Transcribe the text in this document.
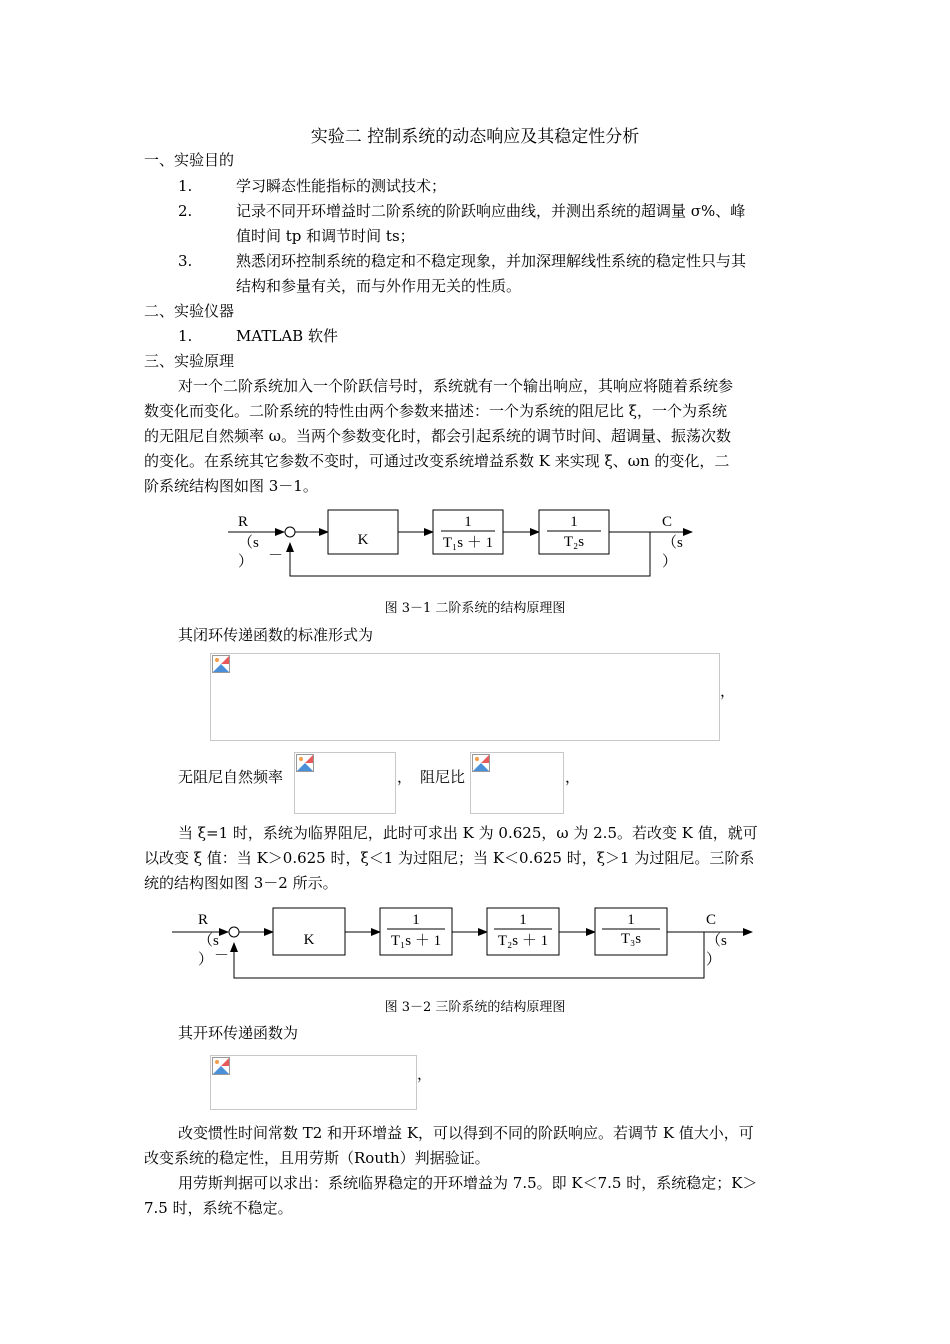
实验二 控制系统的动态响应及其稳定性分析
一、实验目的
1.	学习瞬态性能指标的测试技术；
2.	记录不同开环增益时二阶系统的阶跃响应曲线，并测出系统的超调量 σ%、峰
值时间 tp 和调节时间 ts；
3.	熟悉闭环控制系统的稳定和不稳定现象，并加深理解线性系统的稳定性只与其
结构和参量有关，而与外作用无关的性质。
二、实验仪器
1.	MATLAB 软件
三、实验原理
对一个二阶系统加入一个阶跃信号时，系统就有一个输出响应，其响应将随着系统参
数变化而变化。二阶系统的特性由两个参数来描述：一个为系统的阻尼比 ξ，一个为系统
的无阻尼自然频率 ω。当两个参数变化时，都会引起系统的调节时间、超调量、振荡次数
的变化。在系统其它参数不变时，可通过改变系统增益系数 K 来实现 ξ、ωn 的变化，二
阶系统结构图如图 3－1。
R
（s
） －
K
1
T₁s ＋ 1
1
T₂s
C
（s
）
图 3－1 二阶系统的结构原理图
其闭环传递函数的标准形式为
，
无阻尼自然频率	， 阻尼比	，
当 ξ=1 时，系统为临界阻尼，此时可求出 K 为 0.625，ω 为 2.5。若改变 K 值，就可
以改变 ξ 值：当 K＞0.625 时，ξ＜1 为过阻尼；当 K＜0.625 时，ξ＞1 为过阻尼。三阶系
统的结构图如图 3－2 所示。
R
（s
） －
K
1
T₁s ＋ 1
1
T₂s ＋ 1
1
T₃s
C
（s
）
图 3－2 三阶系统的结构原理图
其开环传递函数为
，
改变惯性时间常数 T2 和开环增益 K，可以得到不同的阶跃响应。若调节 K 值大小，可
改变系统的稳定性，且用劳斯（Routh）判据验证。
用劳斯判据可以求出：系统临界稳定的开环增益为 7.5。即 K＜7.5 时，系统稳定；K＞
7.5 时，系统不稳定。
